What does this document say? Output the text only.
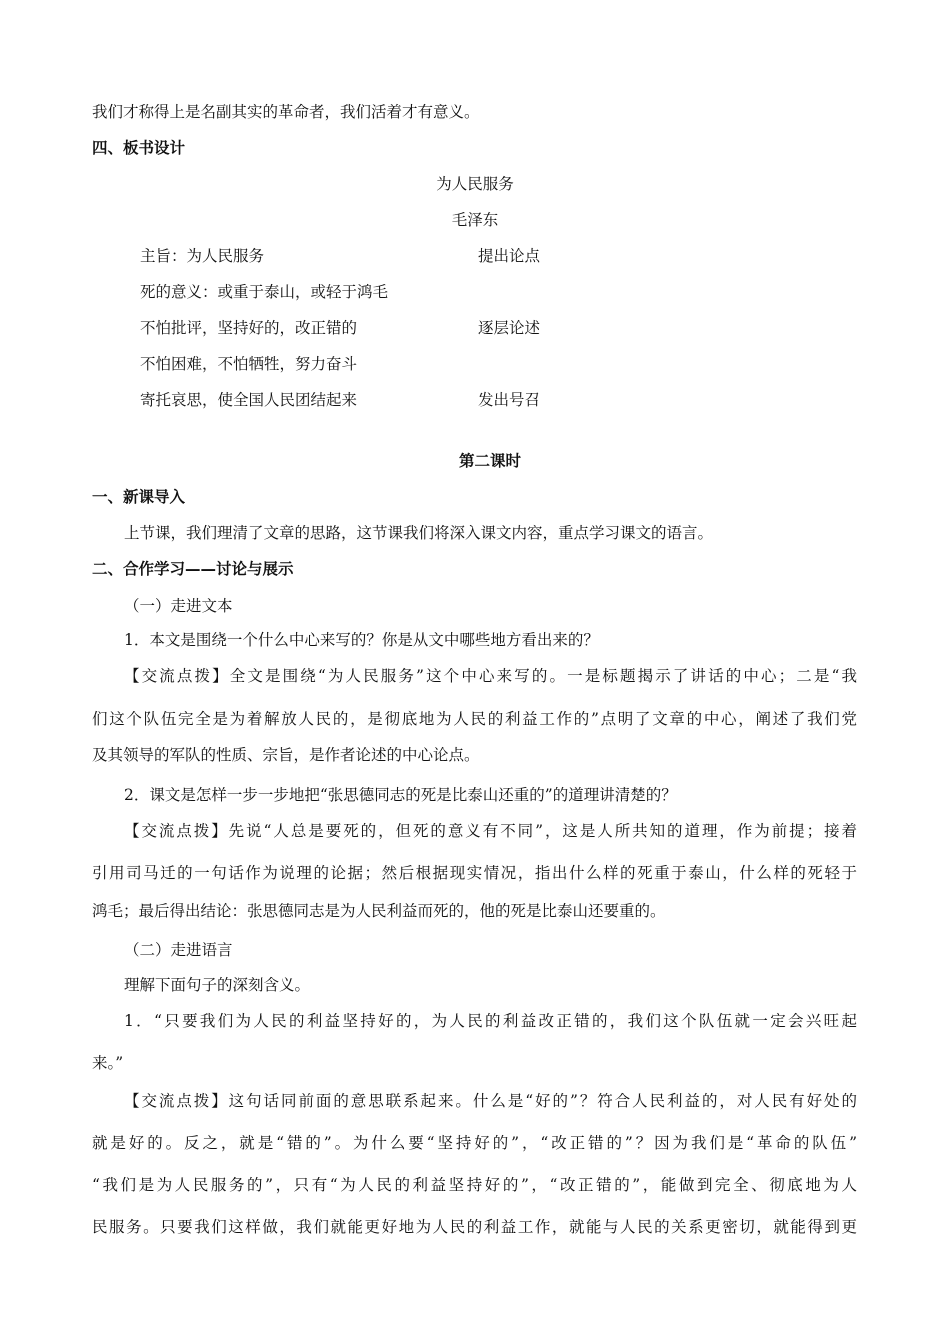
我们才称得上是名副其实的革命者，我们活着才有意义。
四、板书设计
为人民服务
毛泽东
主旨：为人民服务	提出论点
死的意义：或重于泰山，或轻于鸿毛
不怕批评，坚持好的，改正错的	逐层论述
不怕困难，不怕牺牲，努力奋斗
寄托哀思，使全国人民团结起来	发出号召
第二课时
一、新课导入
上节课，我们理清了文章的思路，这节课我们将深入课文内容，重点学习课文的语言。
二、合作学习——讨论与展示
（一）走进文本
1．本文是围绕一个什么中心来写的？你是从文中哪些地方看出来的？
【交流点拨】全文是围绕“为人民服务”这个中心来写的。一是标题揭示了讲话的中心；二是“我
们这个队伍完全是为着解放人民的，是彻底地为人民的利益工作的”点明了文章的中心，阐述了我们党
及其领导的军队的性质、宗旨，是作者论述的中心论点。
2．课文是怎样一步一步地把“张思德同志的死是比泰山还重的”的道理讲清楚的？
【交流点拨】先说“人总是要死的，但死的意义有不同”，这是人所共知的道理，作为前提；接着
引用司马迁的一句话作为说理的论据；然后根据现实情况，指出什么样的死重于泰山，什么样的死轻于
鸿毛；最后得出结论：张思德同志是为人民利益而死的，他的死是比泰山还要重的。
（二）走进语言
理解下面句子的深刻含义。
1．“只要我们为人民的利益坚持好的，为人民的利益改正错的，我们这个队伍就一定会兴旺起
来。”
【交流点拨】这句话同前面的意思联系起来。什么是“好的”？符合人民利益的，对人民有好处的
就是好的。反之，就是“错的”。为什么要“坚持好的”，“改正错的”？因为我们是“革命的队伍”
“我们是为人民服务的”，只有“为人民的利益坚持好的”，“改正错的”，能做到完全、彻底地为人
民服务。只要我们这样做，我们就能更好地为人民的利益工作，就能与人民的关系更密切，就能得到更
